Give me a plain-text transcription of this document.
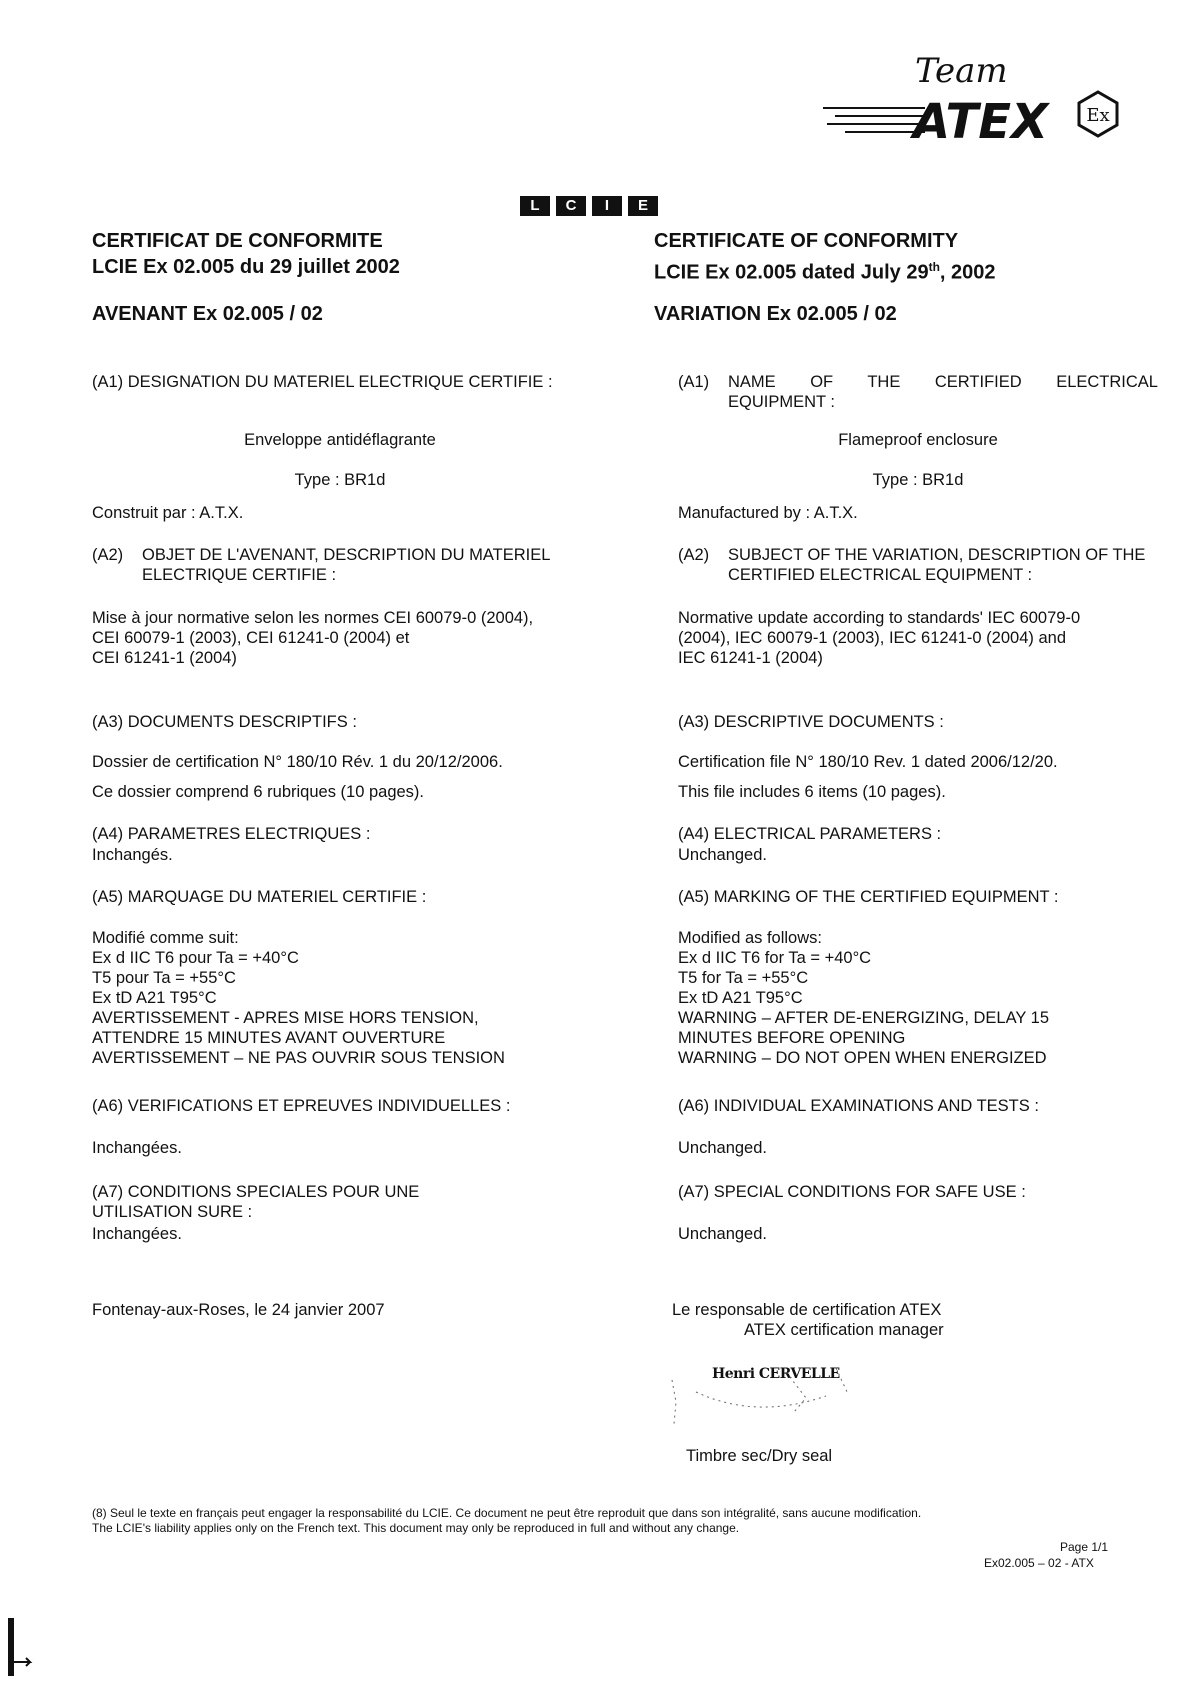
Team
ATEX Ex
L	C	I	E
CERTIFICAT DE CONFORMITE
LCIE Ex 02.005 du 29 juillet 2002
AVENANT Ex 02.005 / 02
CERTIFICATE OF CONFORMITY
LCIE Ex 02.005 dated July 29th, 2002
VARIATION Ex 02.005 / 02
(A1) DESIGNATION DU MATERIEL ELECTRIQUE CERTIFIE :
Enveloppe antidéflagrante
Type : BR1d
Construit par : A.T.X.
(A2) OBJET DE L'AVENANT, DESCRIPTION DU MATERIEL ELECTRIQUE CERTIFIE :
Mise à jour normative selon les normes CEI 60079-0 (2004),
CEI 60079-1 (2003), CEI 61241-0 (2004) et
CEI 61241-1 (2004)
(A3) DOCUMENTS DESCRIPTIFS :
Dossier de certification N° 180/10 Rév. 1 du 20/12/2006.
Ce dossier comprend 6 rubriques (10 pages).
(A4) PARAMETRES ELECTRIQUES :
Inchangés.
(A5) MARQUAGE DU MATERIEL CERTIFIE :
Modifié comme suit:
Ex d IIC T6 pour Ta = +40°C
T5 pour Ta = +55°C
Ex tD A21 T95°C
AVERTISSEMENT - APRES MISE HORS TENSION,
ATTENDRE 15 MINUTES AVANT OUVERTURE
AVERTISSEMENT – NE PAS OUVRIR SOUS TENSION
(A6) VERIFICATIONS ET EPREUVES INDIVIDUELLES :
Inchangées.
(A7) CONDITIONS SPECIALES POUR UNE
UTILISATION SURE :
Inchangées.
Fontenay-aux-Roses, le 24 janvier 2007
(A1) NAME OF THE CERTIFIED ELECTRICAL
EQUIPMENT :
Flameproof enclosure
Type : BR1d
Manufactured by : A.T.X.
(A2) SUBJECT OF THE VARIATION, DESCRIPTION OF THE CERTIFIED ELECTRICAL EQUIPMENT :
Normative update according to standards' IEC 60079-0
(2004), IEC 60079-1 (2003), IEC 61241-0 (2004) and
IEC 61241-1 (2004)
(A3) DESCRIPTIVE DOCUMENTS :
Certification file N° 180/10 Rev. 1 dated 2006/12/20.
This file includes 6 items (10 pages).
(A4) ELECTRICAL PARAMETERS :
Unchanged.
(A5) MARKING OF THE CERTIFIED EQUIPMENT :
Modified as follows:
Ex d IIC T6 for Ta = +40°C
T5 for Ta = +55°C
Ex tD A21 T95°C
WARNING – AFTER DE-ENERGIZING, DELAY 15
MINUTES BEFORE OPENING
WARNING – DO NOT OPEN WHEN ENERGIZED
(A6) INDIVIDUAL EXAMINATIONS AND TESTS :
Unchanged.
(A7) SPECIAL CONDITIONS FOR SAFE USE :
Unchanged.
Le responsable de certification ATEX
ATEX certification manager
Henri CERVELLE
Timbre sec/Dry seal
(8) Seul le texte en français peut engager la responsabilité du LCIE. Ce document ne peut être reproduit que dans son intégralité, sans aucune modification.
The LCIE's liability applies only on the French text. This document may only be reproduced in full and without any change.
Page 1/1
Ex02.005 – 02 - ATX
